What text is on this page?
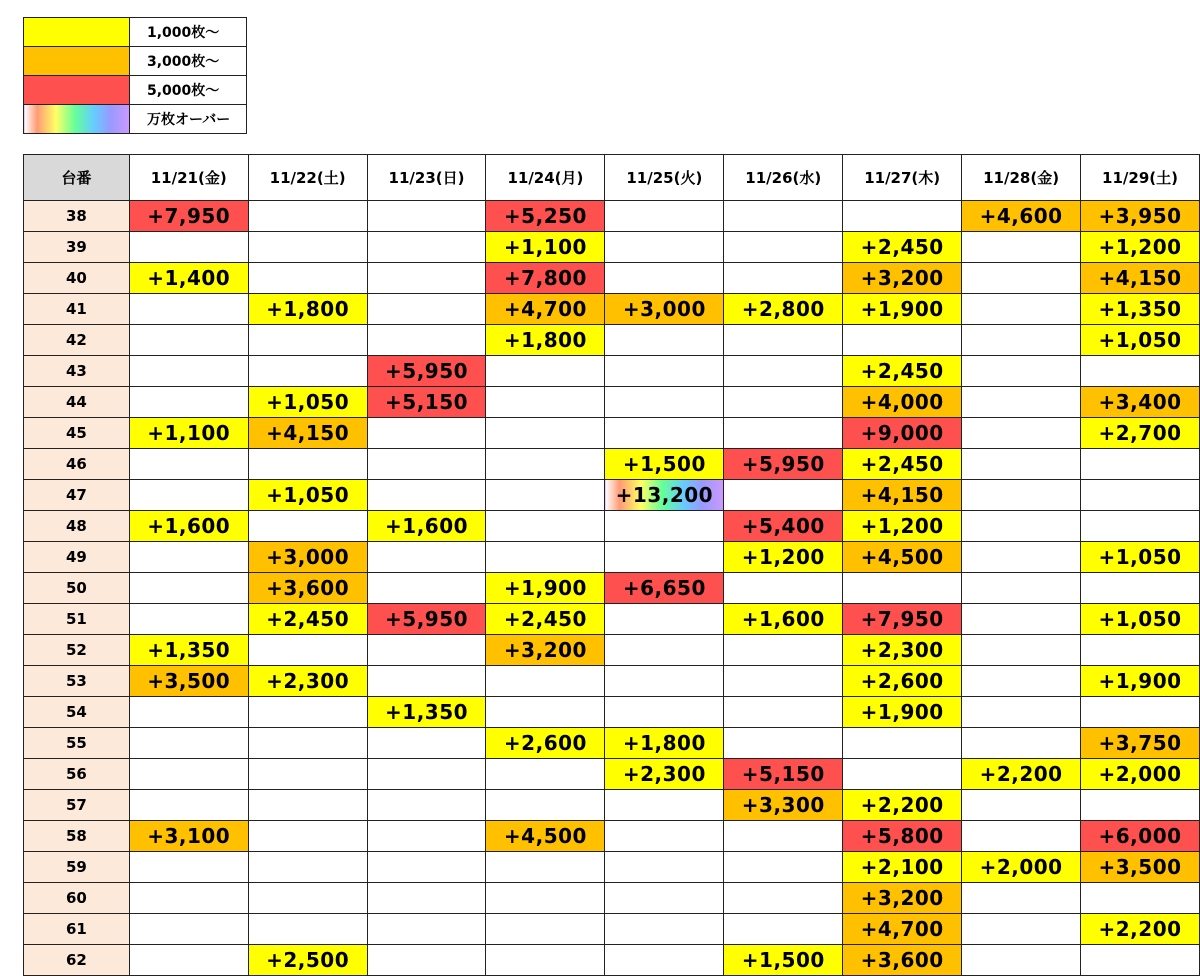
	1,000枚～
	3,000枚～
	5,000枚～
	万枚オーバー
台番	11/21(金)	11/22(土)	11/23(日)	11/24(月)	11/25(火)	11/26(水)	11/27(木)	11/28(金)	11/29(土)
38	+7,950			+5,250				+4,600	+3,950
39				+1,100			+2,450		+1,200
40	+1,400			+7,800			+3,200		+4,150
41		+1,800		+4,700	+3,000	+2,800	+1,900		+1,350
42				+1,800					+1,050
43			+5,950				+2,450		
44		+1,050	+5,150				+4,000		+3,400
45	+1,100	+4,150					+9,000		+2,700
46					+1,500	+5,950	+2,450		
47		+1,050			+13,200		+4,150		
48	+1,600		+1,600			+5,400	+1,200		
49		+3,000				+1,200	+4,500		+1,050
50		+3,600		+1,900	+6,650				
51		+2,450	+5,950	+2,450		+1,600	+7,950		+1,050
52	+1,350			+3,200			+2,300		
53	+3,500	+2,300					+2,600		+1,900
54			+1,350				+1,900		
55				+2,600	+1,800				+3,750
56					+2,300	+5,150		+2,200	+2,000
57						+3,300	+2,200		
58	+3,100			+4,500			+5,800		+6,000
59							+2,100	+2,000	+3,500
60							+3,200		
61							+4,700		+2,200
62		+2,500				+1,500	+3,600		
